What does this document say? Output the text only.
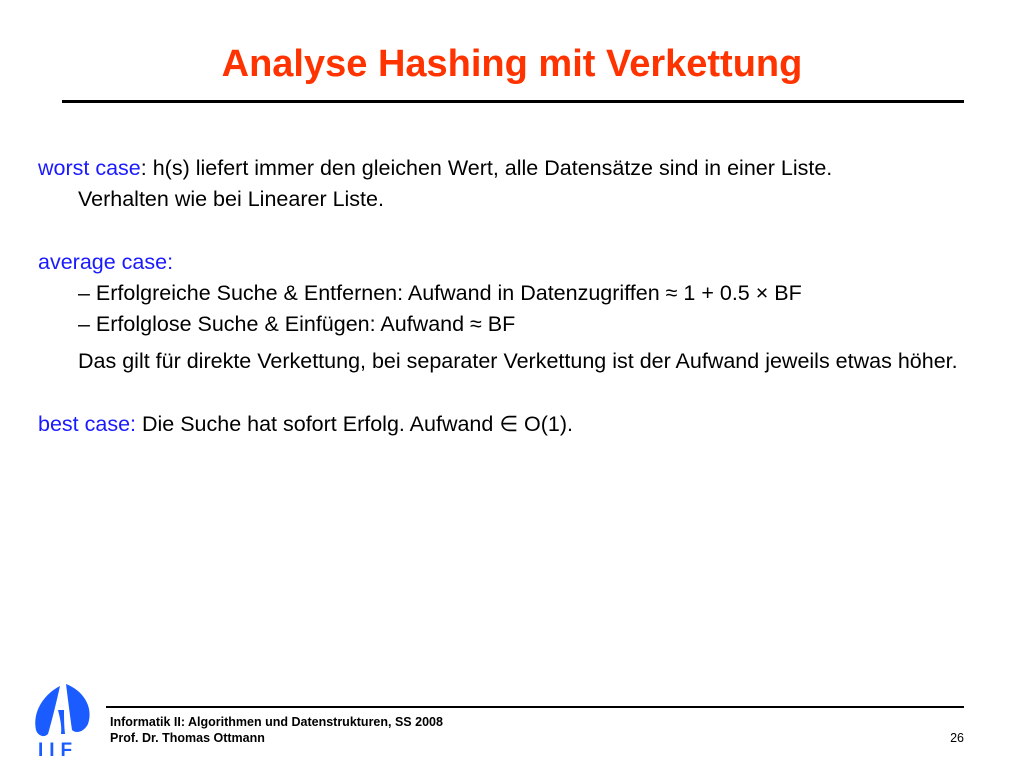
Analyse Hashing mit Verkettung
worst case: h(s) liefert immer den gleichen Wert, alle Datensätze sind in einer Liste.
Verhalten wie bei Linearer Liste.
average case:
– Erfolgreiche Suche & Entfernen: Aufwand in Datenzugriffen ≈ 1 + 0.5 × BF
– Erfolglose Suche & Einfügen: Aufwand ≈ BF
Das gilt für direkte Verkettung, bei separater Verkettung ist der Aufwand jeweils etwas höher.
best case: Die Suche hat sofort Erfolg. Aufwand ∈ O(1).
IIF
Informatik II: Algorithmen und Datenstrukturen, SS 2008
Prof. Dr. Thomas Ottmann	26
